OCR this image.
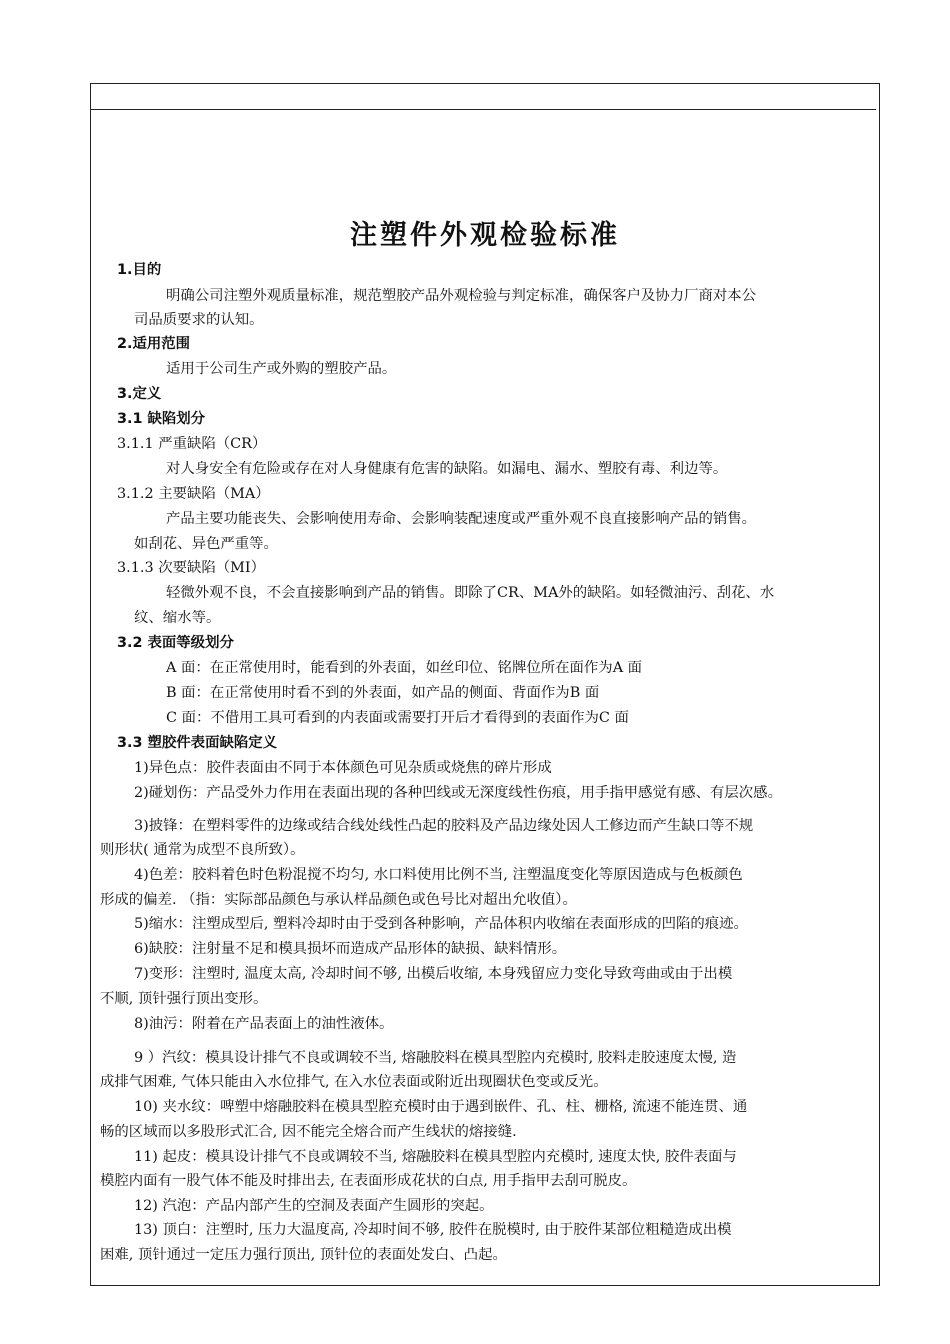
注塑件外观检验标准
1.目的
明确公司注塑外观质量标准，规范塑胶产品外观检验与判定标准，确保客户及协力厂商对本公
司品质要求的认知。
2.适用范围
适用于公司生产或外购的塑胶产品。
3.定义
3.1 缺陷划分
3.1.1 严重缺陷（CR）
对人身安全有危险或存在对人身健康有危害的缺陷。如漏电、漏水、塑胶有毒、利边等。
3.1.2 主要缺陷（MA）
产品主要功能丧失、会影响使用寿命、会影响装配速度或严重外观不良直接影响产品的销售。
如刮花、异色严重等。
3.1.3 次要缺陷（MI）
轻微外观不良，不会直接影响到产品的销售。即除了CR、MA外的缺陷。如轻微油污、刮花、水
纹、缩水等。
3.2 表面等级划分
A 面：在正常使用时，能看到的外表面，如丝印位、铭牌位所在面作为A 面
B 面：在正常使用时看不到的外表面，如产品的侧面、背面作为B 面
C 面：不借用工具可看到的内表面或需要打开后才看得到的表面作为C 面
3.3 塑胶件表面缺陷定义
1)异色点：胶件表面由不同于本体颜色可见杂质或烧焦的碎片形成
2)碰划伤：产品受外力作用在表面出现的各种凹线或无深度线性伤痕，用手指甲感觉有感、有层次感。
3)披锋：在塑料零件的边缘或结合线处线性凸起的胶料及产品边缘处因人工修边而产生缺口等不规
则形状( 通常为成型不良所致）。
4)色差：胶料着色时色粉混搅不均匀, 水口料使用比例不当, 注塑温度变化等原因造成与色板颜色
形成的偏差. （指：实际部品颜色与承认样品颜色或色号比对超出允收值）。
5)缩水：注塑成型后, 塑料冷却时由于受到各种影响，产品体积内收缩在表面形成的凹陷的痕迹。
6)缺胶：注射量不足和模具损坏而造成产品形体的缺损、缺料情形。
7)变形：注塑时, 温度太高, 冷却时间不够, 出模后收缩, 本身残留应力变化导致弯曲或由于出模
不顺, 顶针强行顶出变形。
8)油污：附着在产品表面上的油性液体。
9 ）汽纹：模具设计排气不良或调较不当, 熔融胶料在模具型腔内充模时, 胶料走胶速度太慢, 造
成排气困难, 气体只能由入水位排气, 在入水位表面或附近出现圈状色变或反光。
10) 夹水纹：啤塑中熔融胶料在模具型腔充模时由于遇到嵌件、孔、柱、栅格, 流速不能连贯、通
畅的区域而以多股形式汇合, 因不能完全熔合而产生线状的熔接缝.
11) 起皮：模具设计排气不良或调较不当, 熔融胶料在模具型腔内充模时, 速度太快, 胶件表面与
模腔内面有一股气体不能及时排出去, 在表面形成花状的白点, 用手指甲去刮可脱皮。
12) 汽泡：产品内部产生的空洞及表面产生圆形的突起。
13) 顶白：注塑时, 压力大温度高, 冷却时间不够, 胶件在脱模时, 由于胶件某部位粗糙造成出模
困难, 顶针通过一定压力强行顶出, 顶针位的表面处发白、凸起。
